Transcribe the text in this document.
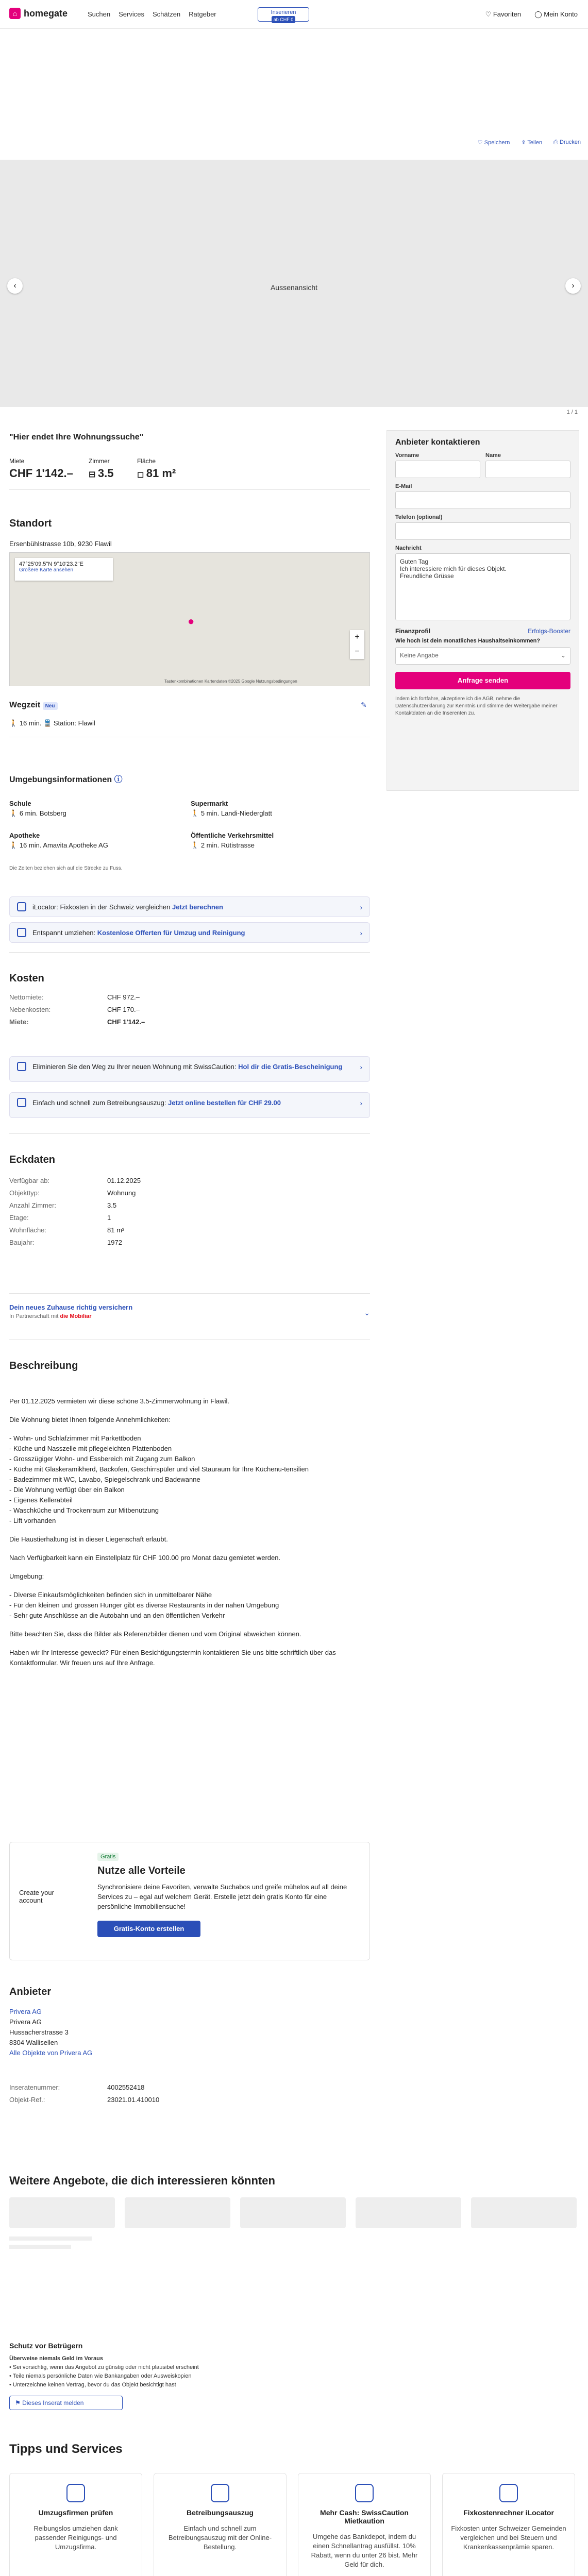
⌂ homegate	Suchen Services Schätzen Ratgeber	Inserieren
ab CHF 0
♡ Favoriten ◯ Mein Konto
♡ Speichern ⇪ Teilen ⎙ Drucken
Aussenansicht
‹	›
1 / 1
"Hier endet Ihre Wohnungssuche"
Miete
CHF 1'142.–
Zimmer
⊟ 3.5
Fläche
◻ 81 m²
Standort
Ersenbühlstrasse 10b, 9230 Flawil
47°25'09.5"N 9°10'23.2"E
Größere Karte ansehen
●
+
−
Tastenkombinationen Kartendaten ©2025 Google Nutzungsbedingungen
Wegzeit Neu	✎
🚶 16 min. 🚆 Station: Flawil
Umgebungsinformationen ⓘ
Schule
🚶 6 min. Botsberg
Supermarkt
🚶 5 min. Landi-Niederglatt
Apotheke
🚶 16 min. Amavita Apotheke AG
Öffentliche Verkehrsmittel
🚶 2 min. Rütistrasse
Die Zeiten beziehen sich auf die Strecke zu Fuss.
iLocator: Fixkosten in der Schweiz vergleichen Jetzt berechnen	›
Entspannt umziehen: Kostenlose Offerten für Umzug und Reinigung	›
Kosten
Nettomiete:	CHF 972.–
Nebenkosten:	CHF 170.–
Miete:	CHF 1'142.–
Eliminieren Sie den Weg zu Ihrer neuen Wohnung mit SwissCaution: Hol dir die Gratis-Bescheinigung ›
Einfach und schnell zum Betreibungsauszug: Jetzt online bestellen für CHF 29.00	›
Eckdaten
Verfügbar ab:	01.12.2025
Objekttyp:	Wohnung
Anzahl Zimmer:	3.5
Etage:	1
Wohnfläche:	81 m²
Baujahr:	1972
Dein neues Zuhause richtig versichern
In Partnerschaft mit die Mobiliar	⌄
Beschreibung

Per 01.12.2025 vermieten wir diese schöne 3.5-Zimmerwohnung in Flawil.

Die Wohnung bietet Ihnen folgende Annehmlichkeiten:

- Wohn- und Schlafzimmer mit Parkettboden
- Küche und Nasszelle mit pflegeleichten Plattenboden
- Grosszügiger Wohn- und Essbereich mit Zugang zum Balkon
- Küche mit Glaskeramikherd, Backofen, Geschirrspüler und viel Stauraum für Ihre Küchenu-tensilien
- Badezimmer mit WC, Lavabo, Spiegelschrank und Badewanne
- Die Wohnung verfügt über ein Balkon
- Eigenes Kellerabteil
- Waschküche und Trockenraum zur Mitbenutzung
- Lift vorhanden

Die Haustierhaltung ist in dieser Liegenschaft erlaubt.

Nach Verfügbarkeit kann ein Einstellplatz für CHF 100.00 pro Monat dazu gemietet werden.

Umgebung:

- Diverse Einkaufsmöglichkeiten befinden sich in unmittelbarer Nähe
- Für den kleinen und grossen Hunger gibt es diverse Restaurants in der nahen Umgebung
- Sehr gute Anschlüsse an die Autobahn und an den öffentlichen Verkehr

Bitte beachten Sie, dass die Bilder als Referenzbilder dienen und vom Original abweichen können.

Haben wir Ihr Interesse geweckt? Für einen Besichtigungstermin kontaktieren Sie uns bitte schriftlich über das Kontaktformular. Wir freuen uns auf Ihre Anfrage.

Create your account
Gratis
Nutze alle Vorteile
Synchronisiere deine Favoriten, verwalte Suchabos und greife mühelos auf all deine Services zu – egal auf welchem Gerät. Erstelle jetzt dein gratis Konto für eine persönliche Immobiliensuche!
Gratis-Konto erstellen
Anbieter
Privera AG
Privera AG
Hussacherstrasse 3
8304 Wallisellen
Alle Objekte von Privera AG
Inseratenummer:	4002552418
Objekt-Ref.:	23021.01.410010
Anbieter kontaktieren
Vorname	Name
E-Mail
Telefon (optional)
Nachricht
Guten Tag
Ich interessiere mich für dieses Objekt.
Freundliche Grüsse
Finanzprofil	Erfolgs-Booster
Wie hoch ist dein monatliches Haushaltseinkommen?
Keine Angabe	⌄
Anfrage senden
Indem ich fortfahre, akzeptiere ich die AGB, nehme die Datenschutzerklärung zur Kenntnis und stimme der Weitergabe meiner Kontaktdaten an die Inserenten zu.
Weitere Angebote, die dich interessieren könnten
Schutz vor Betrügern
Überweise niemals Geld im Voraus
• Sei vorsichtig, wenn das Angebot zu günstig oder nicht plausibel erscheint
• Teile niemals persönliche Daten wie Bankangaben oder Ausweiskopien
• Unterzeichne keinen Vertrag, bevor du das Objekt besichtigt hast
⚑ Dieses Inserat melden
Tipps und Services
Umzugsfirmen prüfen
Reibungslos umziehen dank passender Reinigungs- und Umzugsfirma.
Betreibungsauszug
Einfach und schnell zum Betreibungsauszug mit der Online-Bestellung.
Mehr Cash: SwissCaution Mietkaution
Umgehe das Bankdepot, indem du einen Schnellantrag ausfüllst. 10% Rabatt, wenn du unter 26 bist. Mehr Geld für dich.
Fixkostenrechner iLocator
Fixkosten unter Schweizer Gemeinden vergleichen und bei Steuern und Krankenkassenprämie sparen.
